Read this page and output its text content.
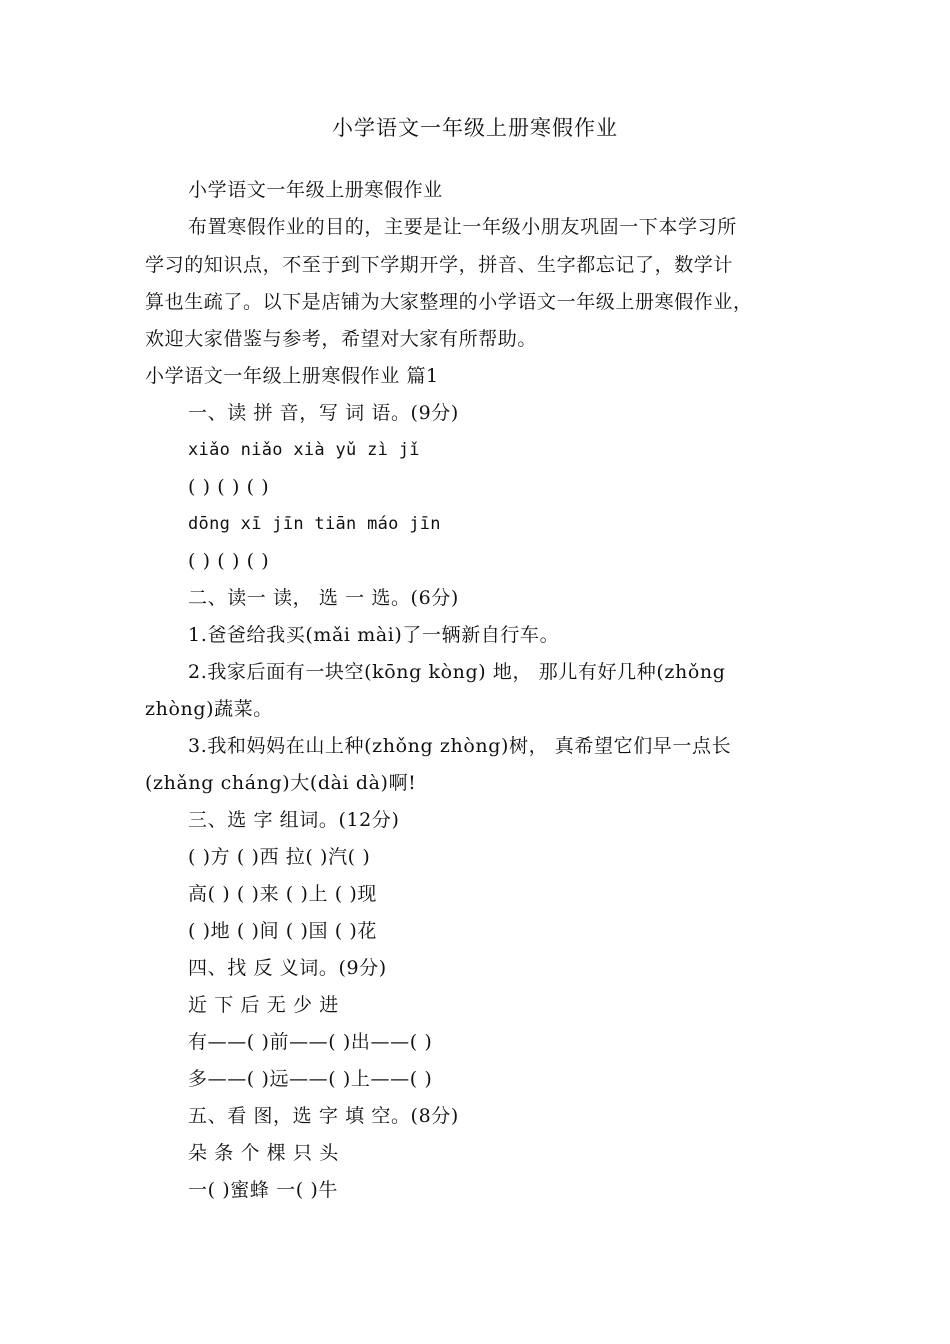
小学语文一年级上册寒假作业
小学语文一年级上册寒假作业
布置寒假作业的目的，主要是让一年级小朋友巩固一下本学习所
学习的知识点，不至于到下学期开学，拼音、生字都忘记了，数学计
算也生疏了。以下是店铺为大家整理的小学语文一年级上册寒假作业，
欢迎大家借鉴与参考，希望对大家有所帮助。
小学语文一年级上册寒假作业 篇1
一、读 拼 音，写 词 语。(9分)
xiǎo niǎo xià yǔ zì jǐ
( ) ( ) ( )
dōng xī jīn tiān máo jīn
( ) ( ) ( )
二、读一 读， 选 一 选。(6分)
1.爸爸给我买(mǎi mài)了一辆新自行车。
2.我家后面有一块空(kōng kòng) 地， 那儿有好几种(zhǒng
zhòng)蔬菜。
3.我和妈妈在山上种(zhǒng zhòng)树， 真希望它们早一点长
(zhǎng cháng)大(dài dà)啊!
三、选 字 组词。(12分)
( )方 ( )西 拉( )汽( )
高( ) ( )来 ( )上 ( )现
( )地 ( )间 ( )国 ( )花
四、找 反 义词。(9分)
近 下 后 无 少 进
有——( )前——( )出——( )
多——( )远——( )上——( )
五、看 图，选 字 填 空。(8分)
朵 条 个 棵 只 头
一( )蜜蜂 一( )牛
